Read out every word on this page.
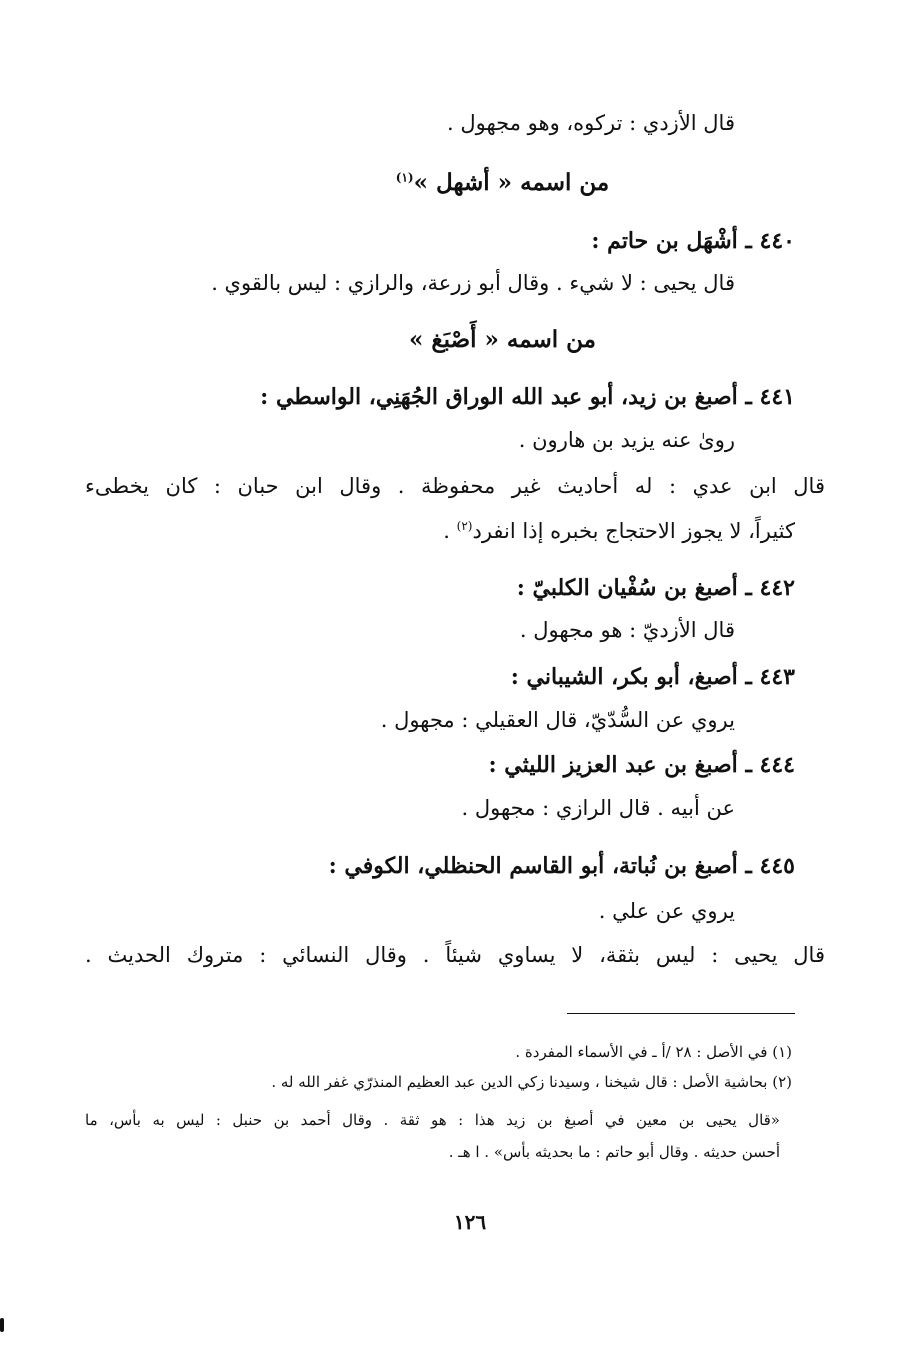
قال الأزدي : تركوه، وهو مجهول .
من اسمه « أشهل »$^{(١)}$
٤٤٠ ـ أشْهَل بن حاتم :
قال يحيى : لا شيء . وقال أبو زرعة، والرازي : ليس بالقوي .
من اسمه « أَصْبَغ »
٤٤١ ـ أصبغ بن زيد، أبو عبد الله الوراق الجُهَنِي، الواسطي :
روىٰ عنه يزيد بن هارون .
قال ابن عدي : له أحاديث غير محفوظة . وقال ابن حبان : كان يخطىء
كثيراً، لا يجوز الاحتجاج بخبره إذا انفرد$^{(٢)}$ .
٤٤٢ ـ أصبغ بن سُفْيان الكلبيّ :
قال الأزديّ : هو مجهول .
٤٤٣ ـ أصبغ، أبو بكر، الشيباني :
يروي عن السُّدّيّ، قال العقيلي : مجهول .
٤٤٤ ـ أصبغ بن عبد العزيز الليثي :
عن أبيه . قال الرازي : مجهول .
٤٤٥ ـ أصبغ بن نُباتة، أبو القاسم الحنظلي، الكوفي :
يروي عن علي .
قال يحيى : ليس بثقة، لا يساوي شيئاً . وقال النسائي : متروك الحديث .
(١) في الأصل : ٢٨ /أ ـ في الأسماء المفردة .
(٢) بحاشية الأصل : قال شيخنا ، وسيدنا زكي الدين عبد العظيم المنذرّي غفر الله له .
«قال يحيى بن معين في أصبغ بن زيد هذا : هو ثقة . وقال أحمد بن حنبل : ليس به بأس، ما
أحسن حديثه . وقال أبو حاتم : ما بحديثه بأس» . ا هـ .
١٢٦
